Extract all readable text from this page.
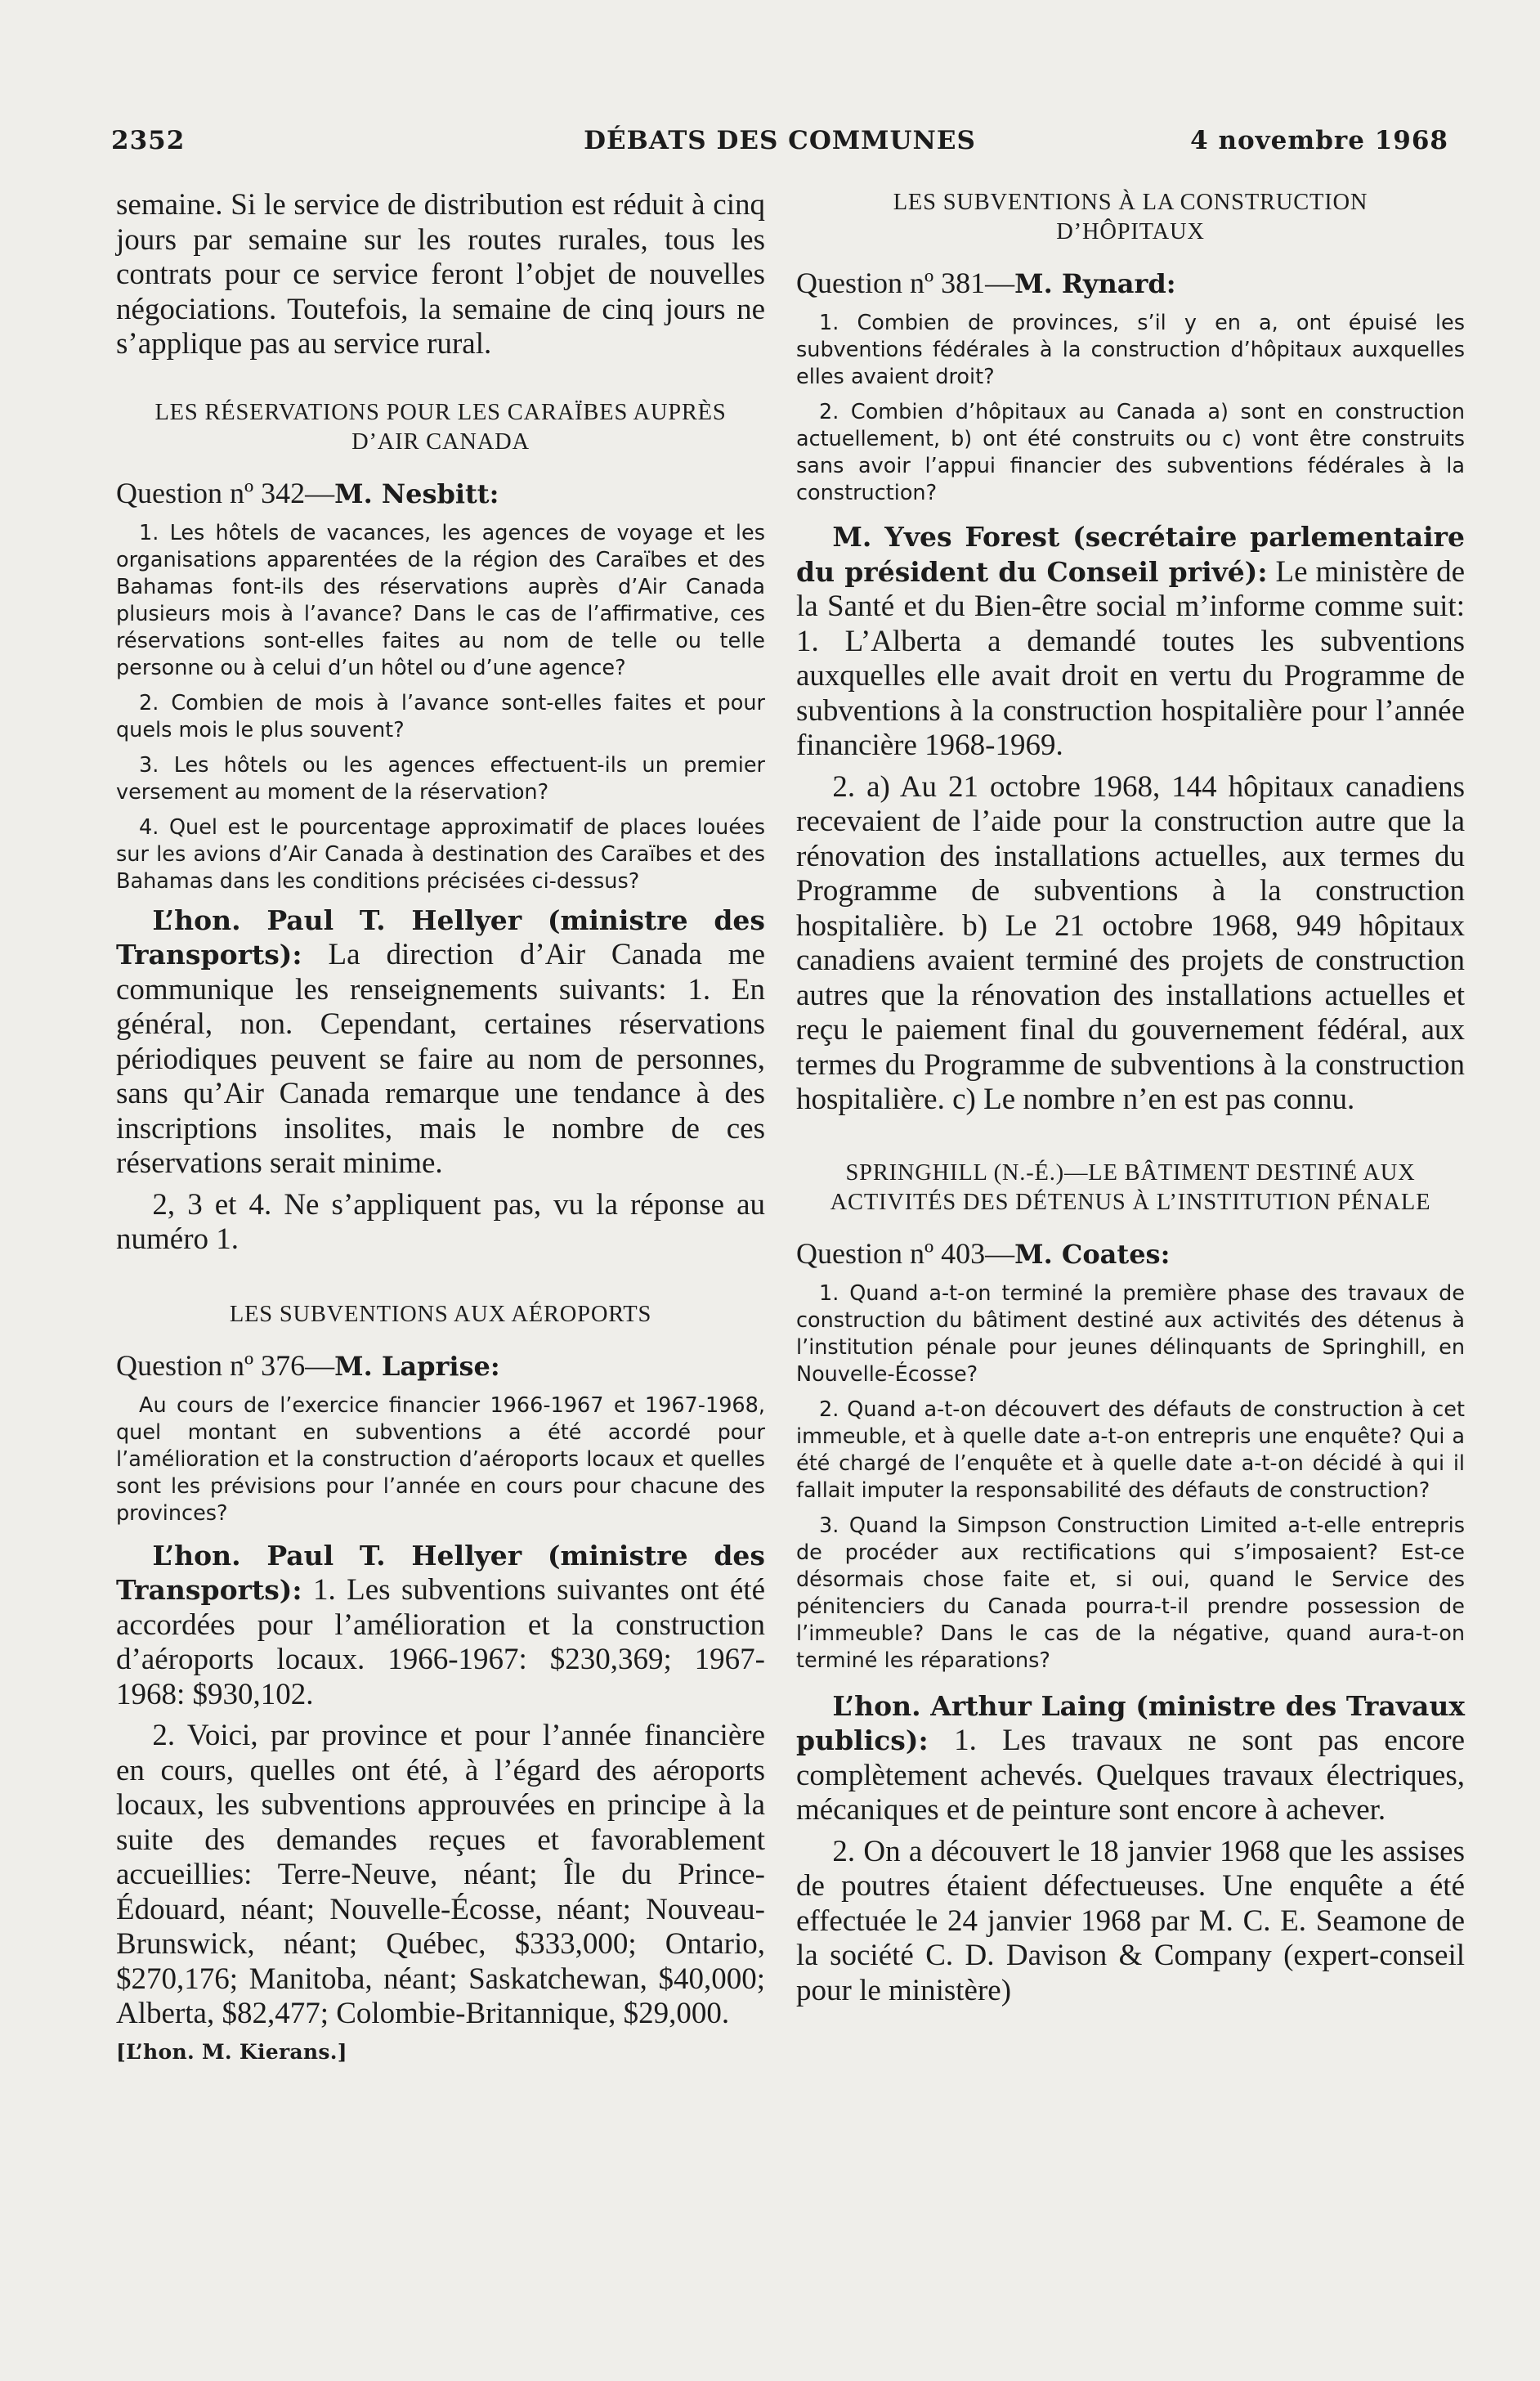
2352	DÉBATS DES COMMUNES	4 novembre 1968

semaine. Si le service de distribution est réduit à cinq jours par semaine sur les routes rurales, tous les contrats pour ce service feront l’objet de nouvelles négociations. Toutefois, la semaine de cinq jours ne s’applique pas au service rural.

LES RÉSERVATIONS POUR LES CARAÏBES AUPRÈS D’AIR CANADA
Question nº 342—M. Nesbitt:

1. Les hôtels de vacances, les agences de voyage et les organisations apparentées de la région des Caraïbes et des Bahamas font-ils des réservations auprès d’Air Canada plusieurs mois à l’avance? Dans le cas de l’affirmative, ces réservations sont-elles faites au nom de telle ou telle personne ou à celui d’un hôtel ou d’une agence?

2. Combien de mois à l’avance sont-elles faites et pour quels mois le plus souvent?

3. Les hôtels ou les agences effectuent-ils un premier versement au moment de la réservation?

4. Quel est le pourcentage approximatif de places louées sur les avions d’Air Canada à destination des Caraïbes et des Bahamas dans les conditions précisées ci-dessus?

L’hon. Paul T. Hellyer (ministre des Transports): La direction d’Air Canada me communique les renseignements suivants: 1. En général, non. Cependant, certaines réservations périodiques peuvent se faire au nom de personnes, sans qu’Air Canada remarque une tendance à des inscriptions insolites, mais le nombre de ces réservations serait minime.

2, 3 et 4. Ne s’appliquent pas, vu la réponse au numéro 1.

LES SUBVENTIONS AUX AÉROPORTS
Question nº 376—M. Laprise:

Au cours de l’exercice financier 1966-1967 et 1967-1968, quel montant en subventions a été accordé pour l’amélioration et la construction d’aéroports locaux et quelles sont les prévisions pour l’année en cours pour chacune des provinces?

L’hon. Paul T. Hellyer (ministre des Transports): 1. Les subventions suivantes ont été accordées pour l’amélioration et la construction d’aéroports locaux. 1966-1967: $230,369; 1967-1968: $930,102.

2. Voici, par province et pour l’année financière en cours, quelles ont été, à l’égard des aéroports locaux, les subventions approuvées en principe à la suite des demandes reçues et favorablement accueillies: Terre-Neuve, néant; Île du Prince-Édouard, néant; Nouvelle-Écosse, néant; Nouveau-Brunswick, néant; Québec, $333,000; Ontario, $270,176; Manitoba, néant; Saskatchewan, $40,000; Alberta, $82,477; Colombie-Britannique, $29,000.

[L’hon. M. Kierans.]
LES SUBVENTIONS À LA CONSTRUCTION D’HÔPITAUX
Question nº 381—M. Rynard:

1. Combien de provinces, s’il y en a, ont épuisé les subventions fédérales à la construction d’hôpitaux auxquelles elles avaient droit?

2. Combien d’hôpitaux au Canada a) sont en construction actuellement, b) ont été construits ou c) vont être construits sans avoir l’appui financier des subventions fédérales à la construction?

M. Yves Forest (secrétaire parlementaire du président du Conseil privé): Le ministère de la Santé et du Bien-être social m’informe comme suit: 1. L’Alberta a demandé toutes les subventions auxquelles elle avait droit en vertu du Programme de subventions à la construction hospitalière pour l’année financière 1968-1969.

2. a) Au 21 octobre 1968, 144 hôpitaux canadiens recevaient de l’aide pour la construction autre que la rénovation des installations actuelles, aux termes du Programme de subventions à la construction hospitalière. b) Le 21 octobre 1968, 949 hôpitaux canadiens avaient terminé des projets de construction autres que la rénovation des installations actuelles et reçu le paiement final du gouvernement fédéral, aux termes du Programme de subventions à la construction hospitalière. c) Le nombre n’en est pas connu.

SPRINGHILL (N.-É.)—LE BÂTIMENT DESTINÉ AUX ACTIVITÉS DES DÉTENUS À L’INSTITUTION PÉNALE
Question nº 403—M. Coates:

1. Quand a-t-on terminé la première phase des travaux de construction du bâtiment destiné aux activités des détenus à l’institution pénale pour jeunes délinquants de Springhill, en Nouvelle-Écosse?

2. Quand a-t-on découvert des défauts de construction à cet immeuble, et à quelle date a-t-on entrepris une enquête? Qui a été chargé de l’enquête et à quelle date a-t-on décidé à qui il fallait imputer la responsabilité des défauts de construction?

3. Quand la Simpson Construction Limited a-t-elle entrepris de procéder aux rectifications qui s’imposaient? Est-ce désormais chose faite et, si oui, quand le Service des pénitenciers du Canada pourra-t-il prendre possession de l’immeuble? Dans le cas de la négative, quand aura-t-on terminé les réparations?

L’hon. Arthur Laing (ministre des Travaux publics): 1. Les travaux ne sont pas encore complètement achevés. Quelques travaux électriques, mécaniques et de peinture sont encore à achever.

2. On a découvert le 18 janvier 1968 que les assises de poutres étaient défectueuses. Une enquête a été effectuée le 24 janvier 1968 par M. C. E. Seamone de la société C. D. Davison & Company (expert-conseil pour le ministère)
